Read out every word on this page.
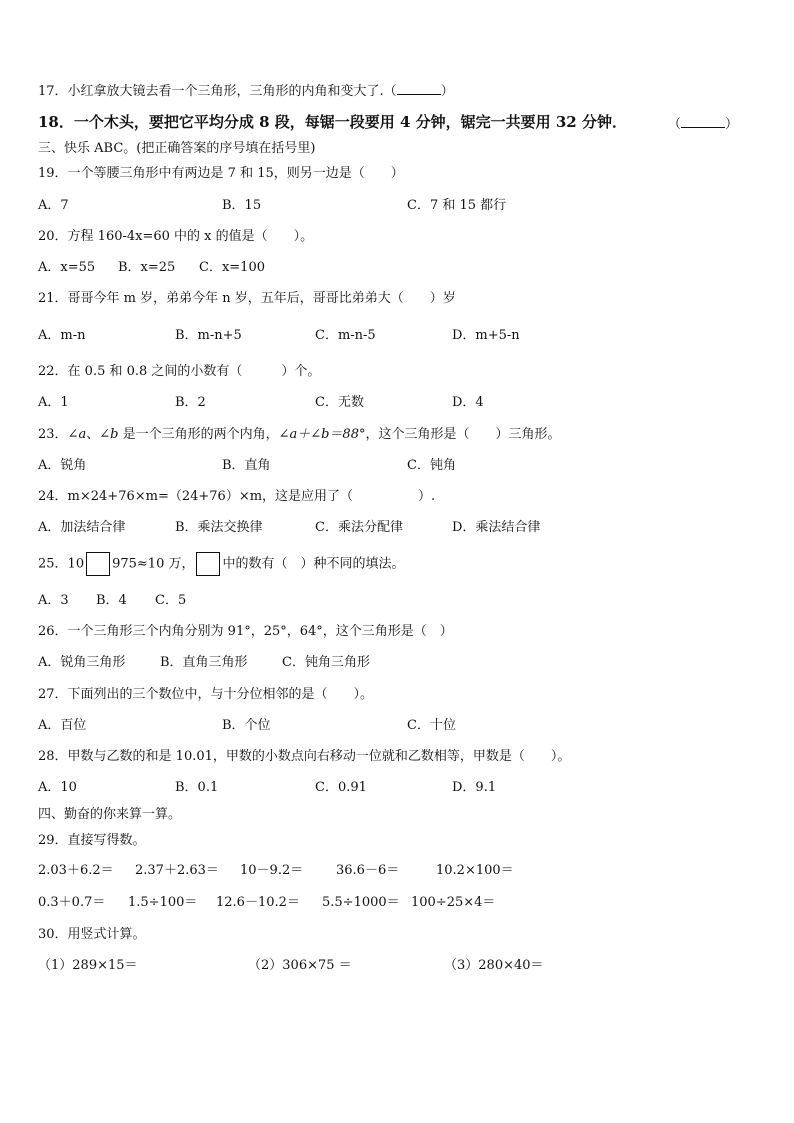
17．小红拿放大镜去看一个三角形，三角形的内角和变大了.（	）
18．一个木头，要把它平均分成 8 段，每锯一段要用 4 分钟，锯完一共要用 32 分钟．	（	）
三、快乐 ABC。(把正确答案的序号填在括号里)
19．一个等腰三角形中有两边是 7 和 15，则另一边是（　　）
A．7	B．15	C．7 和 15 都行
20．方程 160-4x=60 中的 x 的值是（　　）。
A．x=55 B．x=25 C．x=100
21．哥哥今年 m 岁，弟弟今年 n 岁，五年后，哥哥比弟弟大（　　）岁
A．m-n	B．m-n+5	C．m-n-5	D．m+5-n
22．在 0.5 和 0.8 之间的小数有（　　　）个。
A．1	B．2	C．无数	D．4
23．∠a、∠b 是一个三角形的两个内角，∠a＋∠b＝88°，这个三角形是（　　）三角形。
A．锐角	B．直角	C．钝角
24．m×24+76×m=（24+76）×m，这是应用了（　　　　　）.
A．加法结合律	B．乘法交换律	C．乘法分配律	D．乘法结合律
25．10 975≈10 万， 中的数有（　）种不同的填法。
A．3 B．4 C．5
26．一个三角形三个内角分别为 91°，25°，64°，这个三角形是（　）
A．锐角三角形	B．直角三角形	C．钝角三角形
27．下面列出的三个数位中，与十分位相邻的是（　　）。
A．百位	B．个位	C．十位
28．甲数与乙数的和是 10.01，甲数的小数点向右移动一位就和乙数相等，甲数是（　　）。
A．10	B．0.1	C．0.91	D．9.1
四、勤奋的你来算一算。
29．直接写得数。
2.03＋6.2＝ 2.37＋2.63＝ 10－9.2＝	36.6－6＝	10.2×100＝
0.3＋0.7＝ 1.5÷100＝ 12.6－10.2＝ 5.5÷1000＝ 100÷25×4＝
30．用竖式计算。
（1）289×15＝	（2）306×75 ＝	（3）280×40＝
